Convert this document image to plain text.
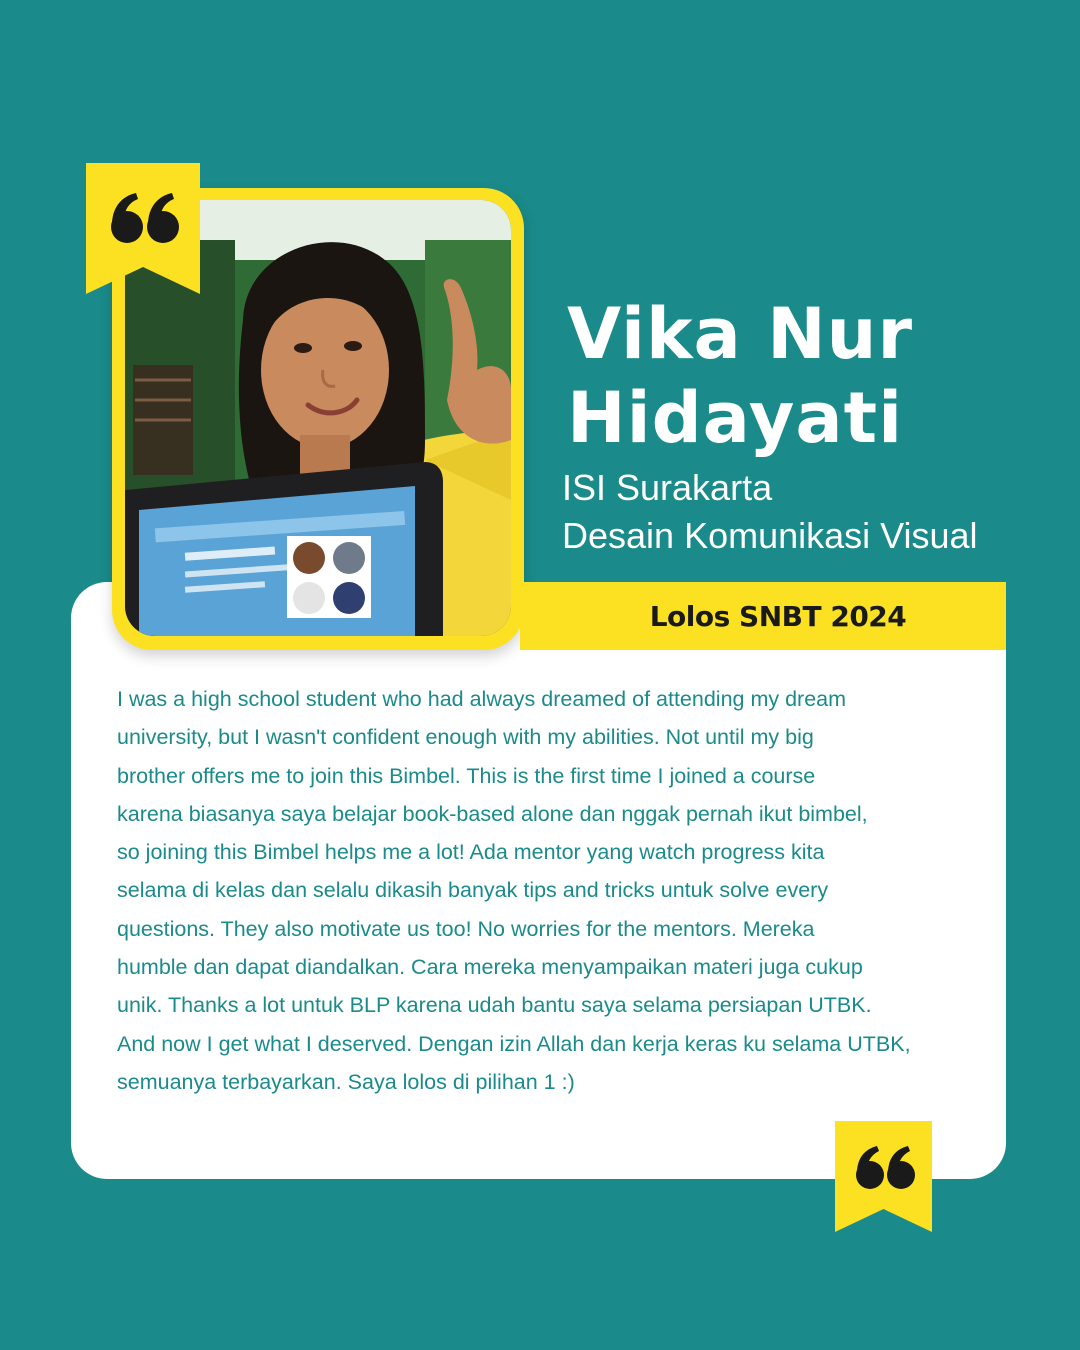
Lolos SNBT 2024
Vika Nur
Hidayati

ISI Surakarta
Desain Komunikasi Visual

I was a high school student who had always dreamed of attending my dream
university, but I wasn't confident enough with my abilities. Not until my big
brother offers me to join this Bimbel. This is the first time I joined a course
karena biasanya saya belajar book-based alone dan nggak pernah ikut bimbel,
so joining this Bimbel helps me a lot! Ada mentor yang watch progress kita
selama di kelas dan selalu dikasih banyak tips and tricks untuk solve every
questions. They also motivate us too! No worries for the mentors. Mereka
humble dan dapat diandalkan. Cara mereka menyampaikan materi juga cukup
unik. Thanks a lot untuk BLP karena udah bantu saya selama persiapan UTBK.
And now I get what I deserved. Dengan izin Allah dan kerja keras ku selama UTBK,
semuanya terbayarkan. Saya lolos di pilihan 1 :)
